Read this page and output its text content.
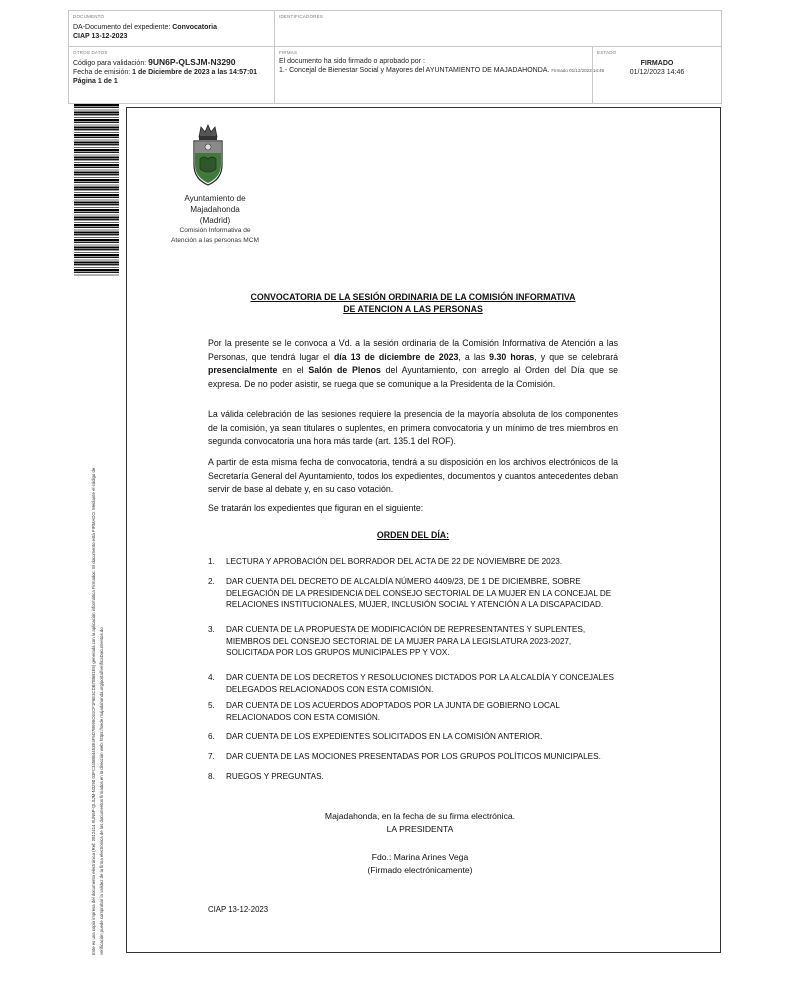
DOCUMENTO
DA-Documento del expediente: Convocatoria
CIAP 13-12-2023
IDENTIFICADORES
OTROS DATOS
Código para validación: 9UN6P-QLSJM-N3290
Fecha de emisión: 1 de Diciembre de 2023 a las 14:57:01
Página 1 de 1
FIRMAS
El documento ha sido firmado o aprobado por :
1.- Concejal de Bienestar Social y Mayores del AYUNTAMIENTO DE MAJADAHONDA. Firmado 01/12/2023 14:46
ESTADO
FIRMADO
01/12/2023 14:46
Este es una copia impresa del documento electrónico (Ref: 2812414 9UN6P-QLSJM-N3290 03FC345BB4453E4F5D7B995C61CF1F6E3CDB7B5B1E5) generada con la aplicación informática Firmadoc. El documento está FIRMADO. Mediante el código de verificación puede comprobar la validez de la firma electrónica de los documentos firmados en la dirección web: https://sede.majadahonda.org/portal/verificaDocumentos.do
Ayuntamiento de
Majadahonda
(Madrid)
Comisión Informativa de
Atención a las personas MCM
CONVOCATORIA DE LA SESIÓN ORDINARIA DE LA COMISIÓN INFORMATIVA
DE ATENCION A LAS PERSONAS
Por la presente se le convoca a Vd. a la sesión ordinaria de la Comisión Informativa de Atención a las Personas, que tendrá lugar el día 13 de diciembre de 2023, a las 9.30 horas, y que se celebrará presencialmente en el Salón de Plenos del Ayuntamiento, con arreglo al Orden del Día que se expresa. De no poder asistir, se ruega que se comunique a la Presidenta de la Comisión.
La válida celebración de las sesiones requiere la presencia de la mayoría absoluta de los componentes de la comisión, ya sean titulares o suplentes, en primera convocatoria y un mínimo de tres miembros en segunda convocatoria una hora más tarde (art. 135.1 del ROF).
A partir de esta misma fecha de convocatoria, tendrá a su disposición en los archivos electrónicos de la Secretaría General del Ayuntamiento, todos los expedientes, documentos y cuantos antecedentes deban servir de base al debate y, en su caso votación.
Se tratarán los expedientes que figuran en el siguiente:
ORDEN DEL DÍA:
1.	LECTURA Y APROBACIÓN DEL BORRADOR DEL ACTA DE 22 DE NOVIEMBRE DE 2023.
2.	DAR CUENTA DEL DECRETO DE ALCALDÍA NÚMERO 4409/23, DE 1 DE DICIEMBRE, SOBRE DELEGACIÓN DE LA PRESIDENCIA DEL CONSEJO SECTORIAL DE LA MUJER EN LA CONCEJAL DE RELACIONES INSTITUCIONALES, MUJER, INCLUSIÓN SOCIAL Y ATENCIÓN A LA DISCAPACIDAD.
3.	DAR CUENTA DE LA PROPUESTA DE MODIFICACIÓN DE REPRESENTANTES Y SUPLENTES, MIEMBROS DEL CONSEJO SECTORIAL DE LA MUJER PARA LA LEGISLATURA 2023-2027, SOLICITADA POR LOS GRUPOS MUNICIPALES PP Y VOX.
4.	DAR CUENTA DE LOS DECRETOS Y RESOLUCIONES DICTADOS POR LA ALCALDÍA Y CONCEJALES DELEGADOS RELACIONADOS CON ESTA COMISIÓN.
5.	DAR CUENTA DE LOS ACUERDOS ADOPTADOS POR LA JUNTA DE GOBIERNO LOCAL RELACIONADOS CON ESTA COMISIÓN.
6.	DAR CUENTA DE LOS EXPEDIENTES SOLICITADOS EN LA COMISIÓN ANTERIOR.
7.	DAR CUENTA DE LAS MOCIONES PRESENTADAS POR LOS GRUPOS POLÍTICOS MUNICIPALES.
8.	RUEGOS Y PREGUNTAS.
Majadahonda, en la fecha de su firma electrónica.
LA PRESIDENTA
Fdo.: Marina Arines Vega
(Firmado electrónicamente)
CIAP 13-12-2023
